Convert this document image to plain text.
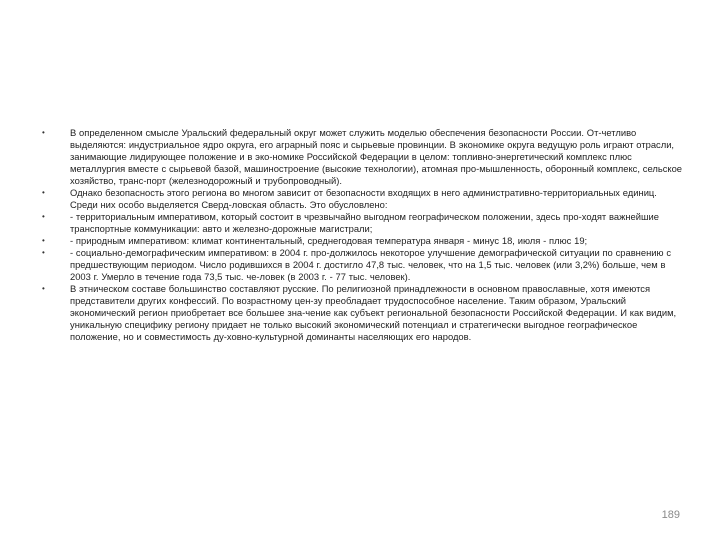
•	В определенном смысле Уральский федеральный округ может служить моделью обеспечения безопасности России. От-четливо выделяются: индустриальное ядро округа, его аграрный пояс и сырьевые провинции. В экономике округа ведущую роль играют отрасли, занимающие лидирующее положение и в эко-номике Российской Федерации в целом: топливно-энергетический комплекс плюс металлургия вместе с сырьевой базой, машиностроение (высокие технологии), атомная про-мышленность, оборонный комплекс, сельское хозяйство, транс-порт (железнодорожный и трубопроводный).
•	Однако безопасность этого региона во многом зависит от безопасности входящих в него административно-территориальных единиц. Среди них особо выделяется Сверд-ловская область. Это обусловлено:
•	- территориальным императивом, который состоит в чрезвычайно выгодном географическом положении, здесь про-ходят важнейшие транспортные коммуникации: авто и железно-дорожные магистрали;
•	- природным императивом: климат континентальный, среднегодовая температура января - минус 18, июля - плюс 19;
•	- социально-демографическим императивом: в 2004 г. про-должилось некоторое улучшение демографической ситуации по сравнению с предшествующим периодом. Число родившихся в 2004 г. достигло 47,8 тыс. человек, что на 1,5 тыс. человек (или 3,2%) больше, чем в 2003 г. Умерло в течение года 73,5 тыс. че-ловек (в 2003 г. - 77 тыс. человек).
•	В этническом составе большинство составляют русские. По религиозной принадлежности в основном православные, хотя имеются представители других конфессий. По возрастному цен-зу преобладает трудоспособное население. Таким образом, Уральский экономический регион приобретает все большее зна-чение как субъект региональной безопасности Российской Федерации. И как видим, уникальную специфику региону придает не только высокий экономический потенциал и стратегически выгодное географическое положение, но и совместимость ду-ховно-культурной доминанты населяющих его народов.
189
